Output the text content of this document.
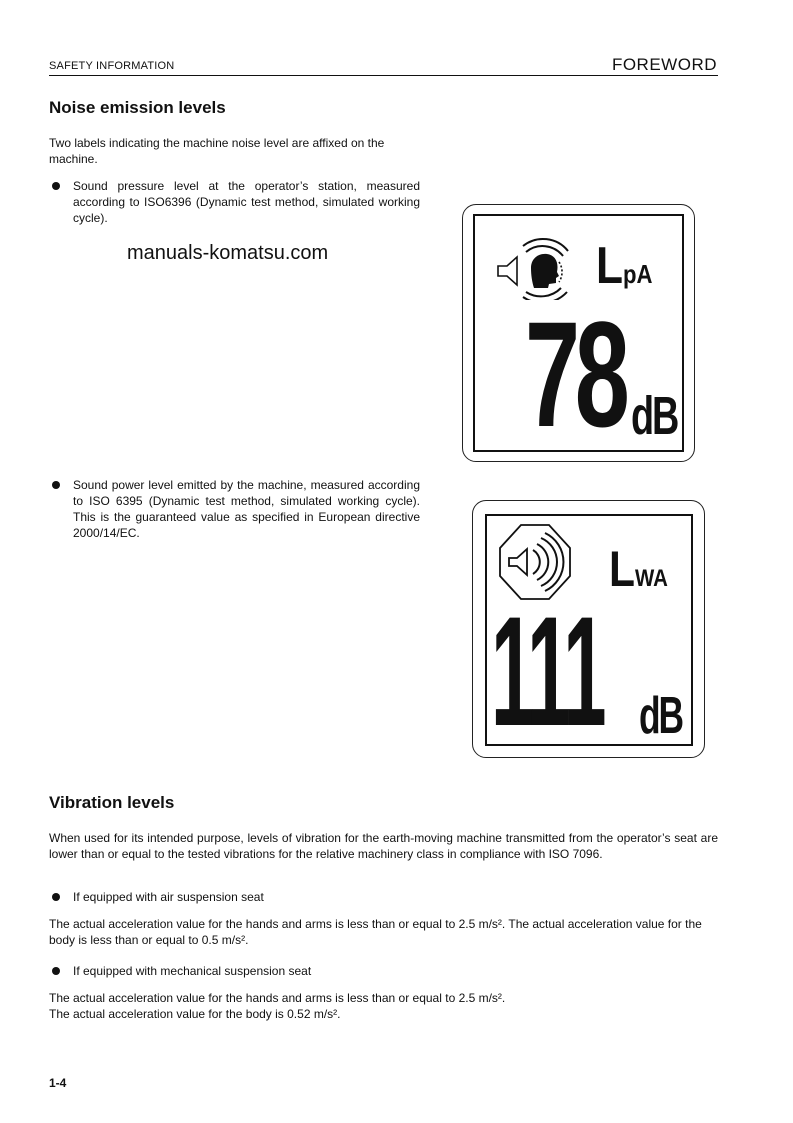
SAFETY INFORMATION	FOREWORD
Noise emission levels
Two labels indicating the machine noise level are affixed on the machine.
Sound pressure level at the operator’s station, measured according to ISO6396 (Dynamic test method, simulated working cycle).
manuals-komatsu.com
Sound power level emitted by the machine, measured according to ISO 6395 (Dynamic test method, simulated working cycle). This is the guaranteed value as specified in European directive 2000/14/EC.
LpA
78 dB
LWA
111 dB
Vibration levels
When used for its intended purpose, levels of vibration for the earth-moving machine transmitted from the operator’s seat are lower than or equal to the tested vibrations for the relative machinery class in compliance with ISO 7096.
If equipped with air suspension seat
The actual acceleration value for the hands and arms is less than or equal to 2.5 m/s². The actual acceleration value for the body is less than or equal to 0.5 m/s².
If equipped with mechanical suspension seat
The actual acceleration value for the hands and arms is less than or equal to 2.5 m/s².
The actual acceleration value for the body is 0.52 m/s².
1-4
